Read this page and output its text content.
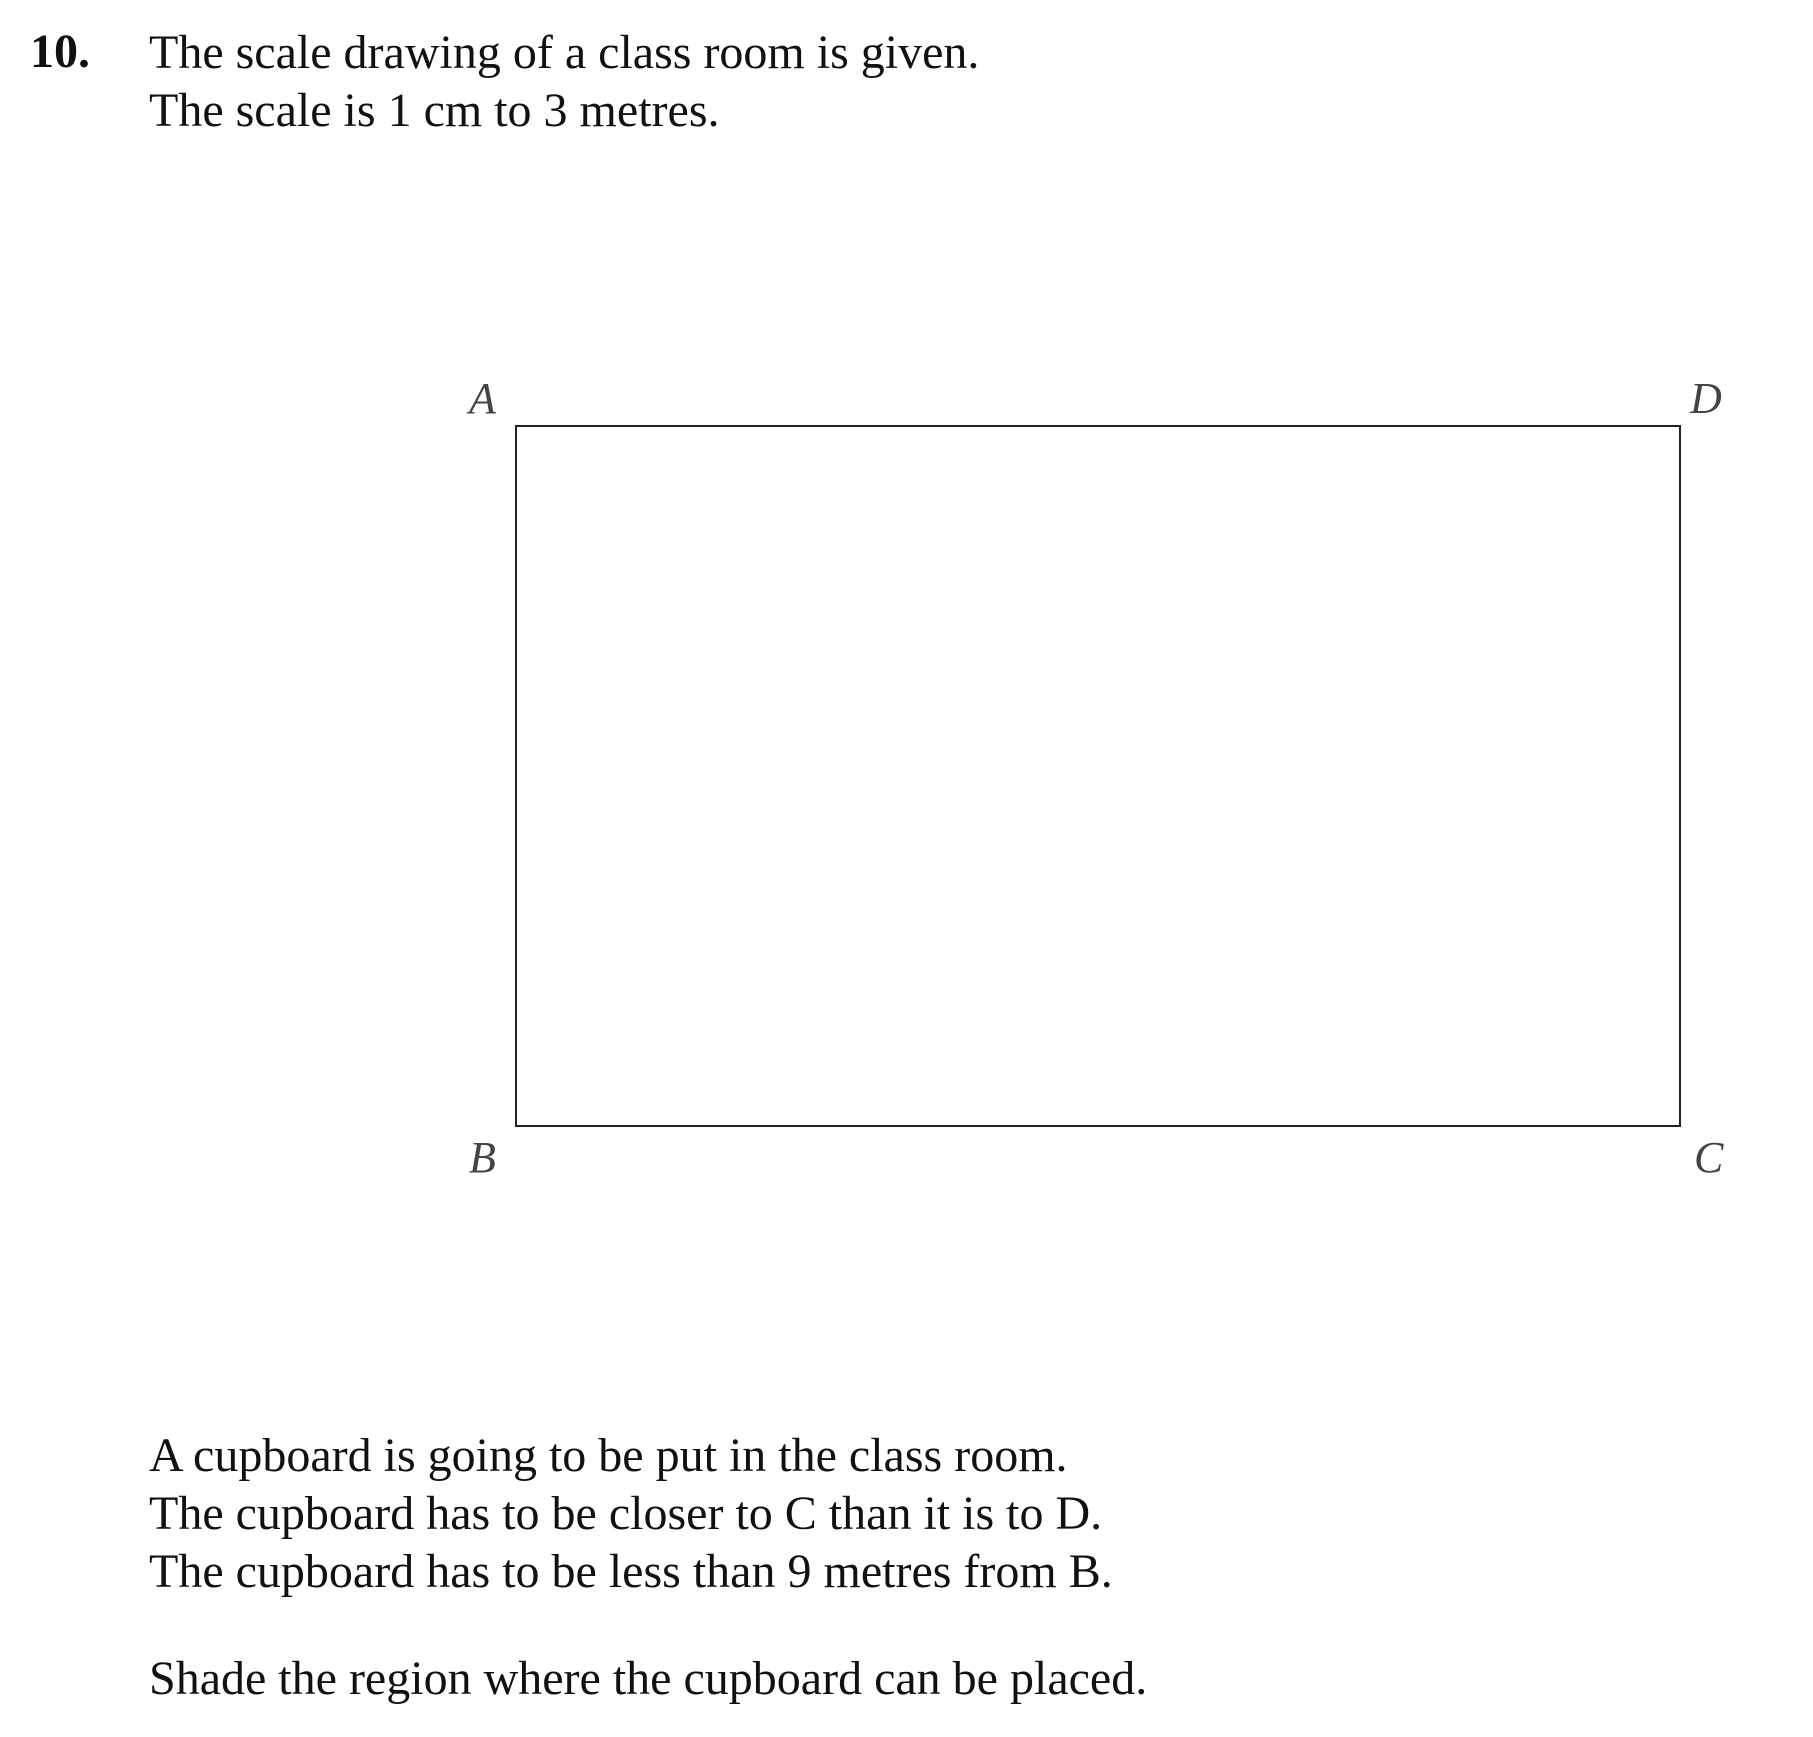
10. The scale drawing of a class room is given.
The scale is 1 cm to 3 metres.
A	D
B	C
A cupboard is going to be put in the class room.
The cupboard has to be closer to C than it is to D.
The cupboard has to be less than 9 metres from B.
Shade the region where the cupboard can be placed.
